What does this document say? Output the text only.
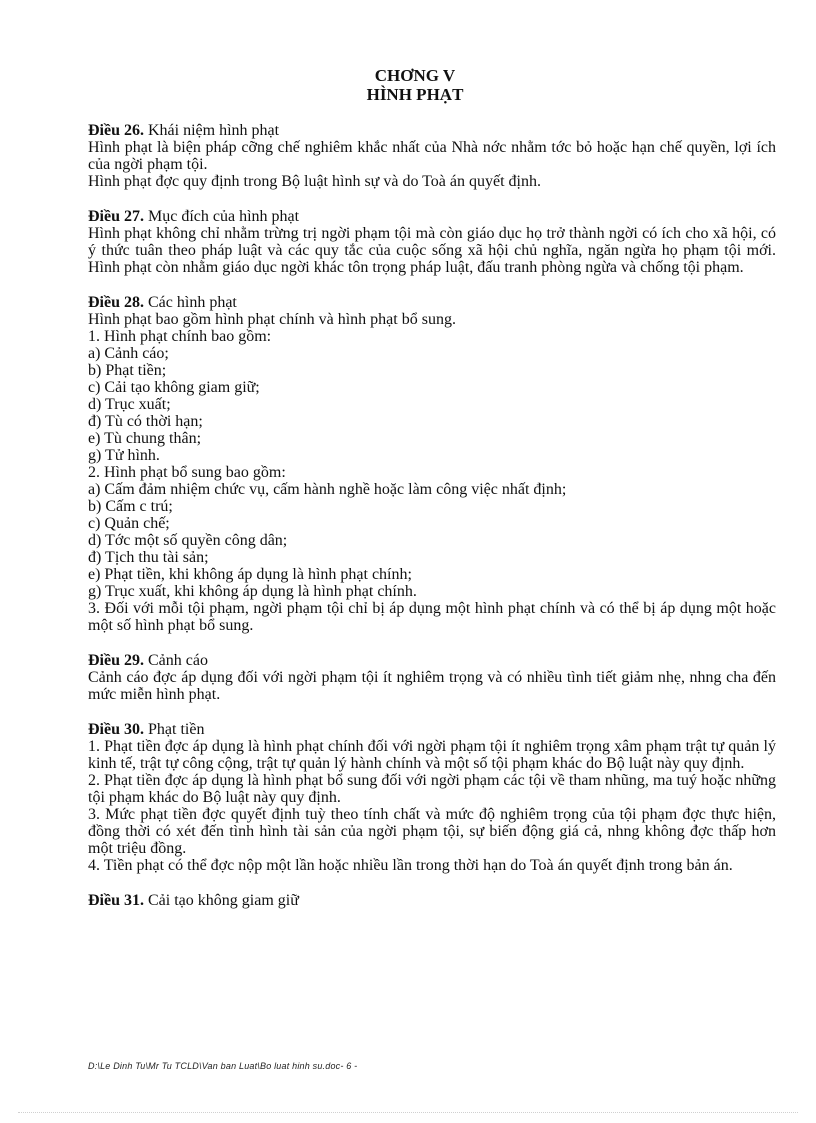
CHƠNG V
HÌNH PHẠT

Điều 26. Khái niệm hình phạt

Hình phạt là biện pháp cỡng chế nghiêm khắc nhất của Nhà nớc nhằm tớc bỏ hoặc hạn chế quyền, lợi ích của ngời phạm tội.

Hình phạt đợc quy định trong Bộ luật hình sự và do Toà án quyết định.

Điều 27. Mục đích của hình phạt

Hình phạt không chỉ nhằm trừng trị ngời phạm tội mà còn giáo dục họ trở thành ngời có ích cho xã hội, có ý thức tuân theo pháp luật và các quy tắc của cuộc sống xã hội chủ nghĩa, ngăn ngừa họ phạm tội mới. Hình phạt còn nhằm giáo dục ngời khác tôn trọng pháp luật, đấu tranh phòng ngừa và chống tội phạm.

Điều 28. Các hình phạt

Hình phạt bao gồm hình phạt chính và hình phạt bổ sung.

1. Hình phạt chính bao gồm:

a) Cảnh cáo;

b) Phạt tiền;

c) Cải tạo không giam giữ;

d) Trục xuất;

đ) Tù có thời hạn;

e) Tù chung thân;

g) Tử hình.

2. Hình phạt bổ sung bao gồm:

a) Cấm đảm nhiệm chức vụ, cấm hành nghề hoặc làm công việc nhất định;

b) Cấm c trú;

c) Quản chế;

d) Tớc một số quyền công dân;

đ) Tịch thu tài sản;

e) Phạt tiền, khi không áp dụng là hình phạt chính;

g) Trục xuất, khi không áp dụng là hình phạt chính.

3. Đối với mỗi tội phạm, ngời phạm tội chỉ bị áp dụng một hình phạt chính và có thể bị áp dụng một hoặc một số hình phạt bổ sung.

Điều 29. Cảnh cáo

Cảnh cáo đợc áp dụng đối với ngời phạm tội ít nghiêm trọng và có nhiều tình tiết giảm nhẹ, nhng cha đến mức miễn hình phạt.

Điều 30. Phạt tiền

1. Phạt tiền đợc áp dụng là hình phạt chính đối với ngời phạm tội ít nghiêm trọng xâm phạm trật tự quản lý kinh tế, trật tự công cộng, trật tự quản lý hành chính và một số tội phạm khác do Bộ luật này quy định.

2. Phạt tiền đợc áp dụng là hình phạt bổ sung đối với ngời phạm các tội về tham nhũng, ma tuý hoặc những tội phạm khác do Bộ luật này quy định.

3. Mức phạt tiền đợc quyết định tuỳ theo tính chất và mức độ nghiêm trọng của tội phạm đợc thực hiện, đồng thời có xét đến tình hình tài sản của ngời phạm tội, sự biến động giá cả, nhng không đợc thấp hơn một triệu đồng.

4. Tiền phạt có thể đợc nộp một lần hoặc nhiều lần trong thời hạn do Toà án quyết định trong bản án.

Điều 31. Cải tạo không giam giữ

D:\Le Dinh Tu\Mr Tu TCLD\Van ban Luat\Bo luat hinh su.doc- 6 -
